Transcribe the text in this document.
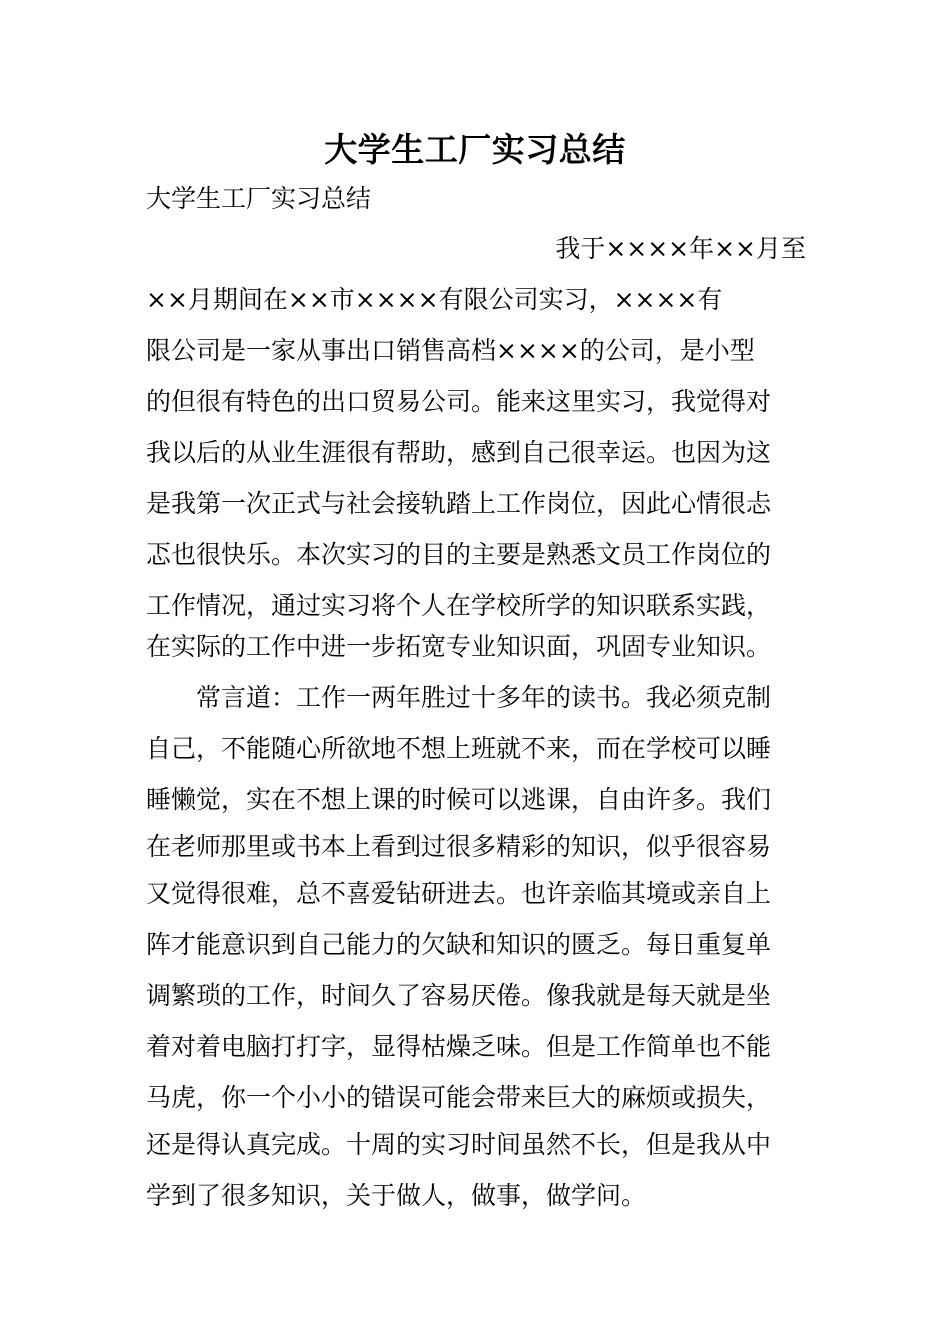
大学生工厂实习总结
大学生工厂实习总结
我于××××年××月至
××月期间在××市××××有限公司实习，××××有
限公司是一家从事出口销售高档××××的公司，是小型
的但很有特色的出口贸易公司。能来这里实习，我觉得对
我以后的从业生涯很有帮助，感到自己很幸运。也因为这
是我第一次正式与社会接轨踏上工作岗位，因此心情很忐
忑也很快乐。本次实习的目的主要是熟悉文员工作岗位的
工作情况，通过实习将个人在学校所学的知识联系实践，
在实际的工作中进一步拓宽专业知识面，巩固专业知识。
常言道：工作一两年胜过十多年的读书。我必须克制
自己，不能随心所欲地不想上班就不来，而在学校可以睡
睡懒觉，实在不想上课的时候可以逃课，自由许多。我们
在老师那里或书本上看到过很多精彩的知识，似乎很容易
又觉得很难，总不喜爱钻研进去。也许亲临其境或亲自上
阵才能意识到自己能力的欠缺和知识的匮乏。每日重复单
调繁琐的工作，时间久了容易厌倦。像我就是每天就是坐
着对着电脑打打字，显得枯燥乏味。但是工作简单也不能
马虎，你一个小小的错误可能会带来巨大的麻烦或损失，
还是得认真完成。十周的实习时间虽然不长，但是我从中
学到了很多知识，关于做人，做事，做学问。
